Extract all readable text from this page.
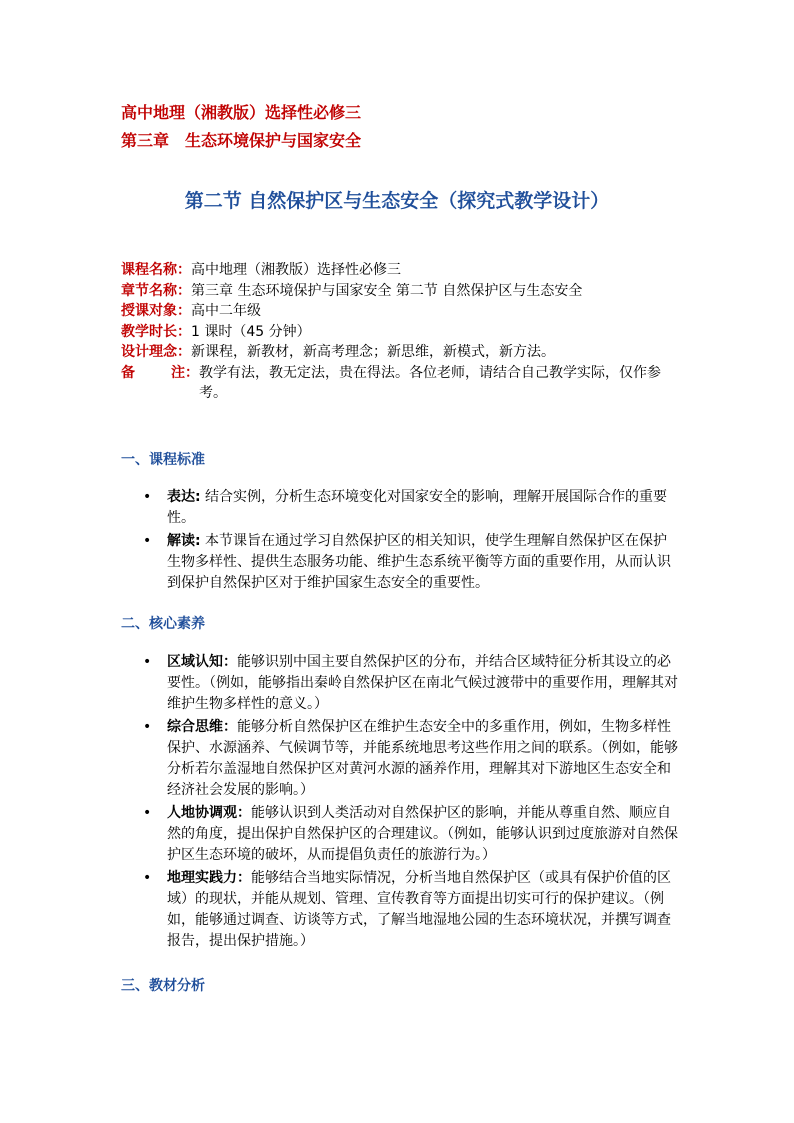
高中地理（湘教版）选择性必修三
第三章　生态环境保护与国家安全
第二节 自然保护区与生态安全（探究式教学设计）
课程名称： 高中地理（湘教版）选择性必修三
章节名称： 第三章 生态环境保护与国家安全 第二节 自然保护区与生态安全
授课对象： 高中二年级
教学时长： 1 课时（45 分钟）
设计理念： 新课程，新教材，新高考理念；新思维，新模式，新方法。
备	注： 教学有法，教无定法，贵在得法。各位老师，请结合自己教学实际，仅作参考。
一、课程标准
• 表达: 结合实例，分析生态环境变化对国家安全的影响，理解开展国际合作的重要性。
• 解读: 本节课旨在通过学习自然保护区的相关知识，使学生理解自然保护区在保护生物多样性、提供生态服务功能、维护生态系统平衡等方面的重要作用，从而认识到保护自然保护区对于维护国家生态安全的重要性。
二、核心素养
• 区域认知：能够识别中国主要自然保护区的分布，并结合区域特征分析其设立的必要性。（例如，能够指出秦岭自然保护区在南北气候过渡带中的重要作用，理解其对维护生物多样性的意义。）
• 综合思维：能够分析自然保护区在维护生态安全中的多重作用，例如，生物多样性保护、水源涵养、气候调节等，并能系统地思考这些作用之间的联系。（例如，能够分析若尔盖湿地自然保护区对黄河水源的涵养作用，理解其对下游地区生态安全和经济社会发展的影响。）
• 人地协调观：能够认识到人类活动对自然保护区的影响，并能从尊重自然、顺应自然的角度，提出保护自然保护区的合理建议。（例如，能够认识到过度旅游对自然保护区生态环境的破坏，从而提倡负责任的旅游行为。）
• 地理实践力：能够结合当地实际情况，分析当地自然保护区（或具有保护价值的区域）的现状，并能从规划、管理、宣传教育等方面提出切实可行的保护建议。（例如，能够通过调查、访谈等方式，了解当地湿地公园的生态环境状况，并撰写调查报告，提出保护措施。）
三、教材分析
